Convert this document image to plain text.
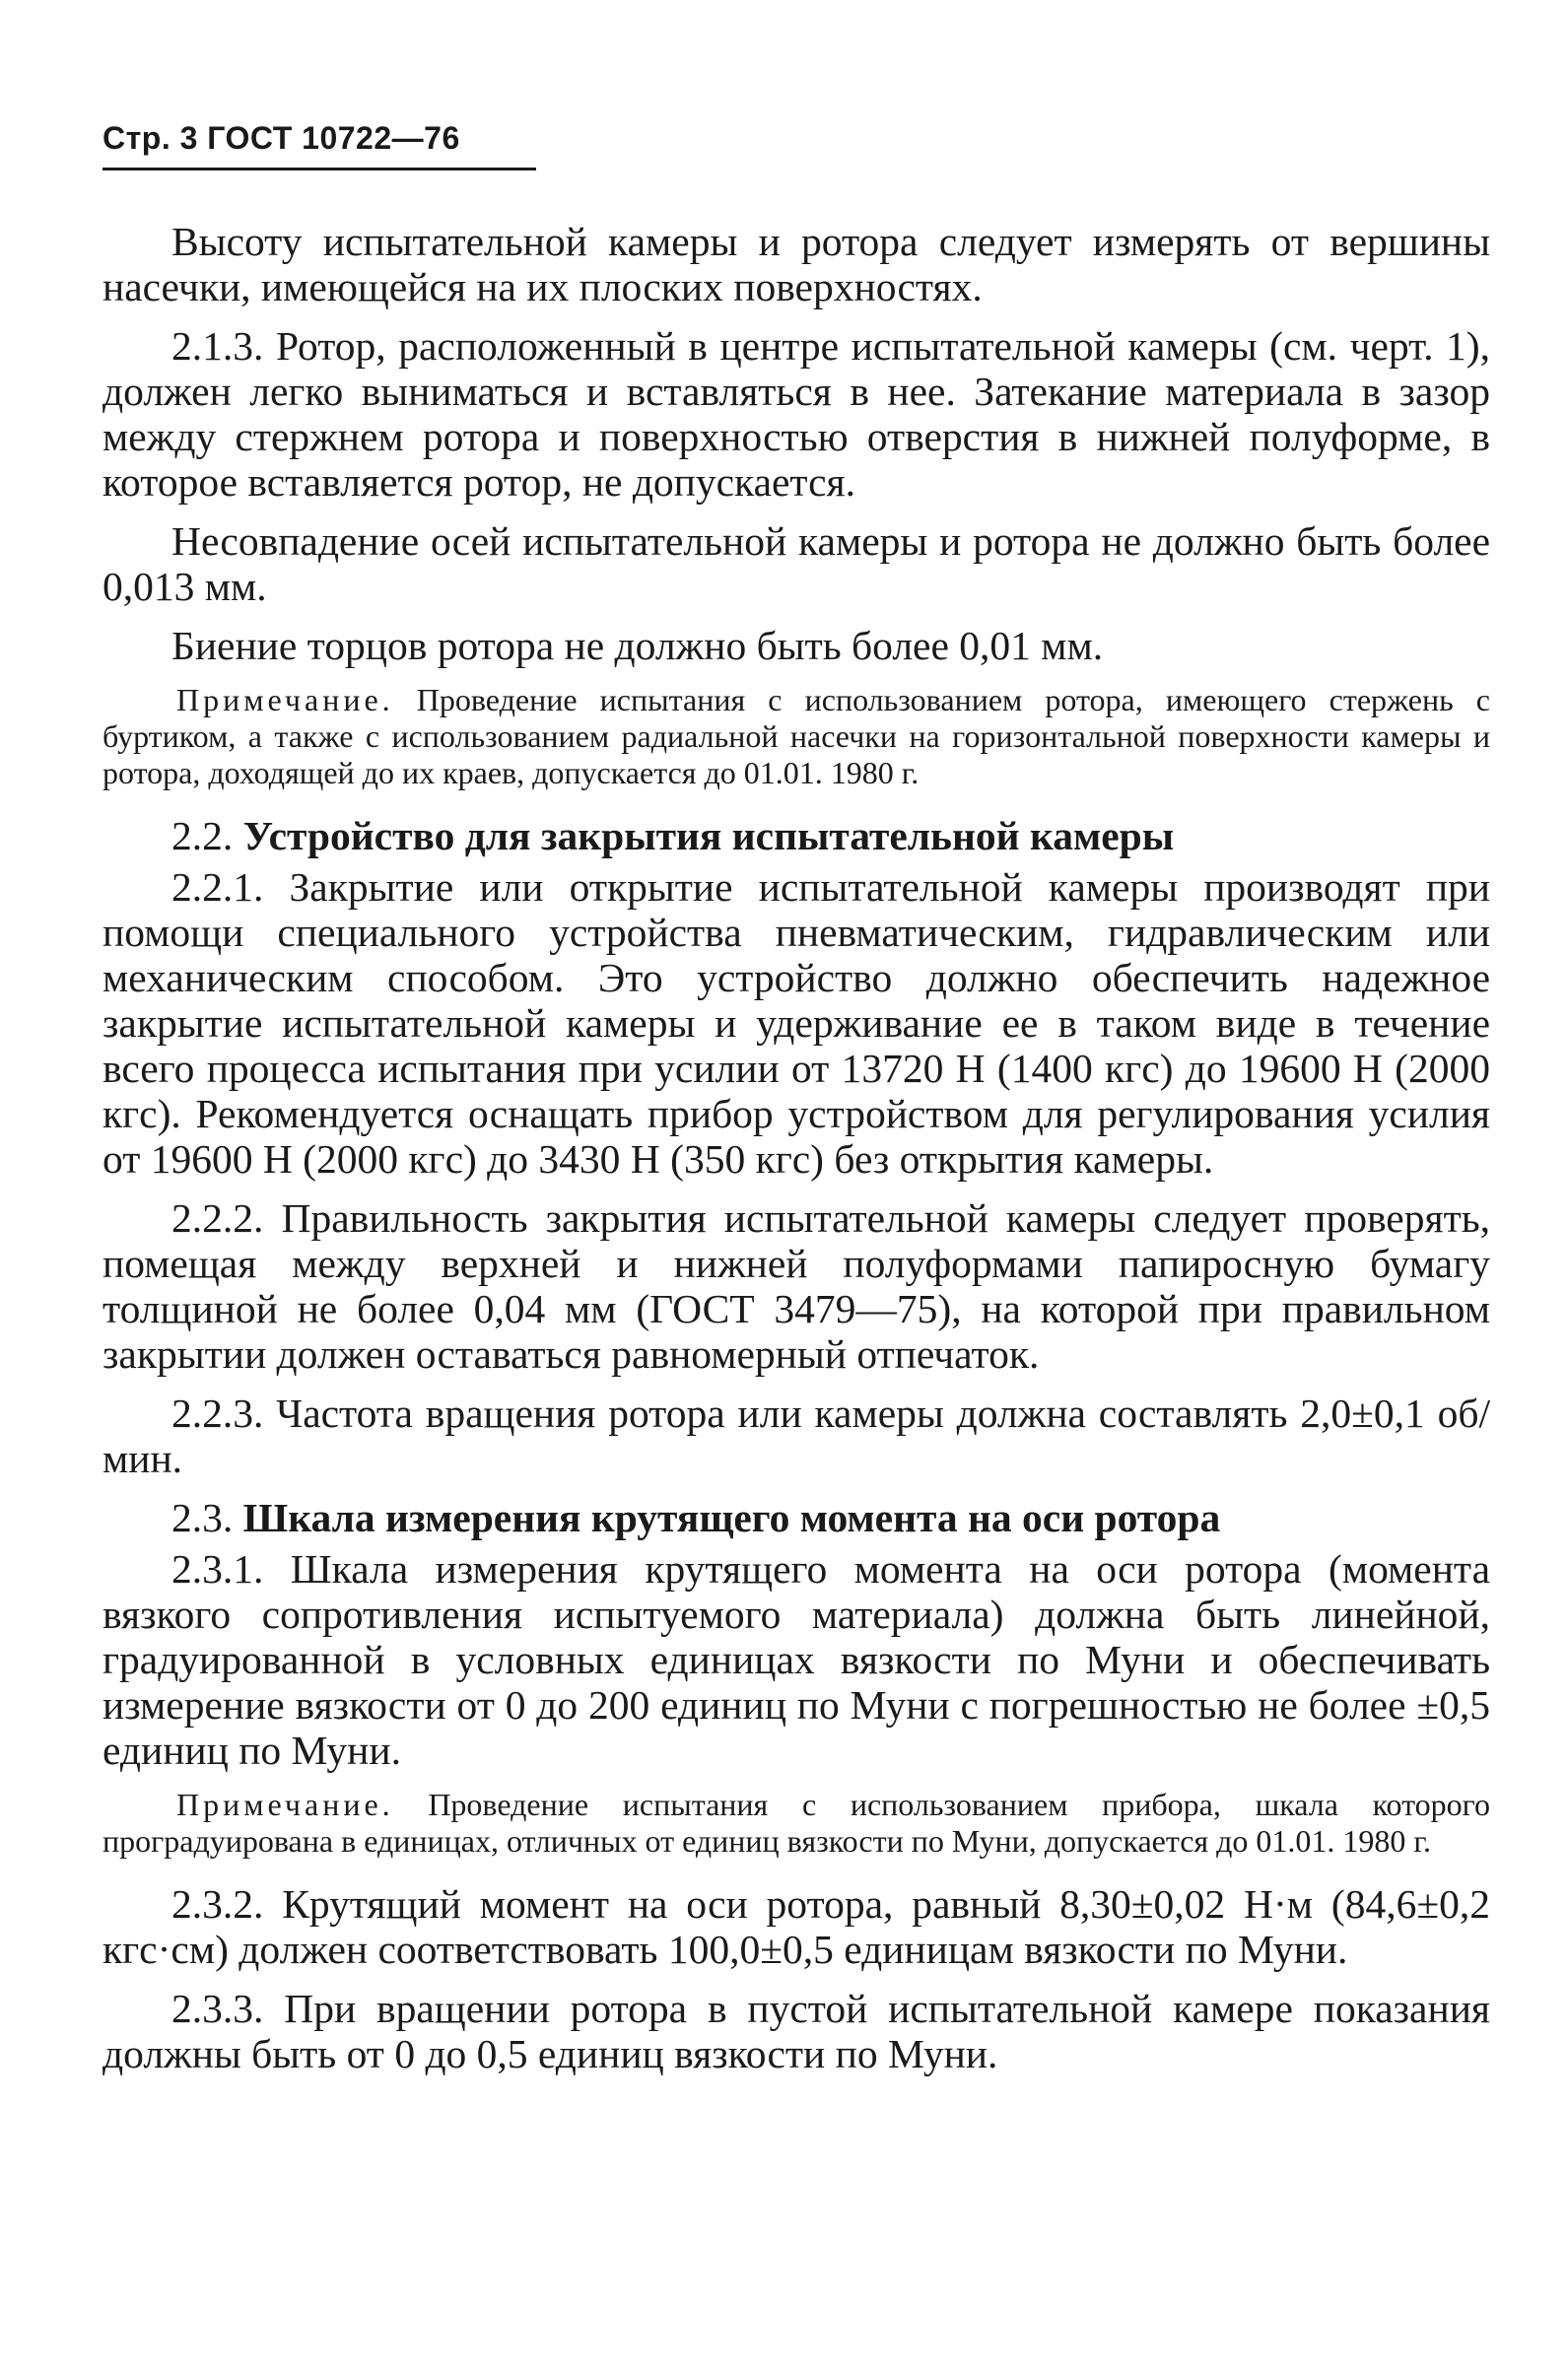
Стр. 3 ГОСТ 10722—76

Высоту испытательной камеры и ротора следует измерять от вершины насечки, имеющейся на их плоских поверхностях.

2.1.3. Ротор, расположенный в центре испытательной камеры (см. черт. 1), должен легко выниматься и вставляться в нее. Затекание материала в зазор между стержнем ротора и поверхностью отверстия в нижней полуформе, в которое вставляется ротор, не допускается.

Несовпадение осей испытательной камеры и ротора не должно быть более 0,013 мм.

Биение торцов ротора не должно быть более 0,01 мм.

Примечание. Проведение испытания с использованием ротора, имеющего стержень с буртиком, а также с использованием радиальной насечки на горизонтальной поверхности камеры и ротора, доходящей до их краев, допускается до 01.01. 1980 г.

2.2. Устройство для закрытия испытательной камеры

2.2.1. Закрытие или открытие испытательной камеры производят при помощи специального устройства пневматическим, гидравлическим или механическим способом. Это устройство должно обеспечить надежное закрытие испытательной камеры и удерживание ее в таком виде в течение всего процесса испытания при усилии от 13720 Н (1400 кгс) до 19600 Н (2000 кгс). Рекомендуется оснащать прибор устройством для регулирования усилия от 19600 Н (2000 кгс) до 3430 Н (350 кгс) без открытия камеры.

2.2.2. Правильность закрытия испытательной камеры следует проверять, помещая между верхней и нижней полуформами папиросную бумагу толщиной не более 0,04 мм (ГОСТ 3479—75), на которой при правильном закрытии должен оставаться равномерный отпечаток.

2.2.3. Частота вращения ротора или камеры должна составлять 2,0±0,1 об/мин.

2.3. Шкала измерения крутящего момента на оси ротора

2.3.1. Шкала измерения крутящего момента на оси ротора (момента вязкого сопротивления испытуемого материала) должна быть линейной, градуированной в условных единицах вязкости по Муни и обеспечивать измерение вязкости от 0 до 200 единиц по Муни с погрешностью не более ±0,5 единиц по Муни.

Примечание. Проведение испытания с использованием прибора, шкала которого проградуирована в единицах, отличных от единиц вязкости по Муни, допускается до 01.01. 1980 г.

2.3.2. Крутящий момент на оси ротора, равный 8,30±0,02 Н·м (84,6±0,2 кгс·см) должен соответствовать 100,0±0,5 единицам вязкости по Муни.

2.3.3. При вращении ротора в пустой испытательной камере показания должны быть от 0 до 0,5 единиц вязкости по Муни.
